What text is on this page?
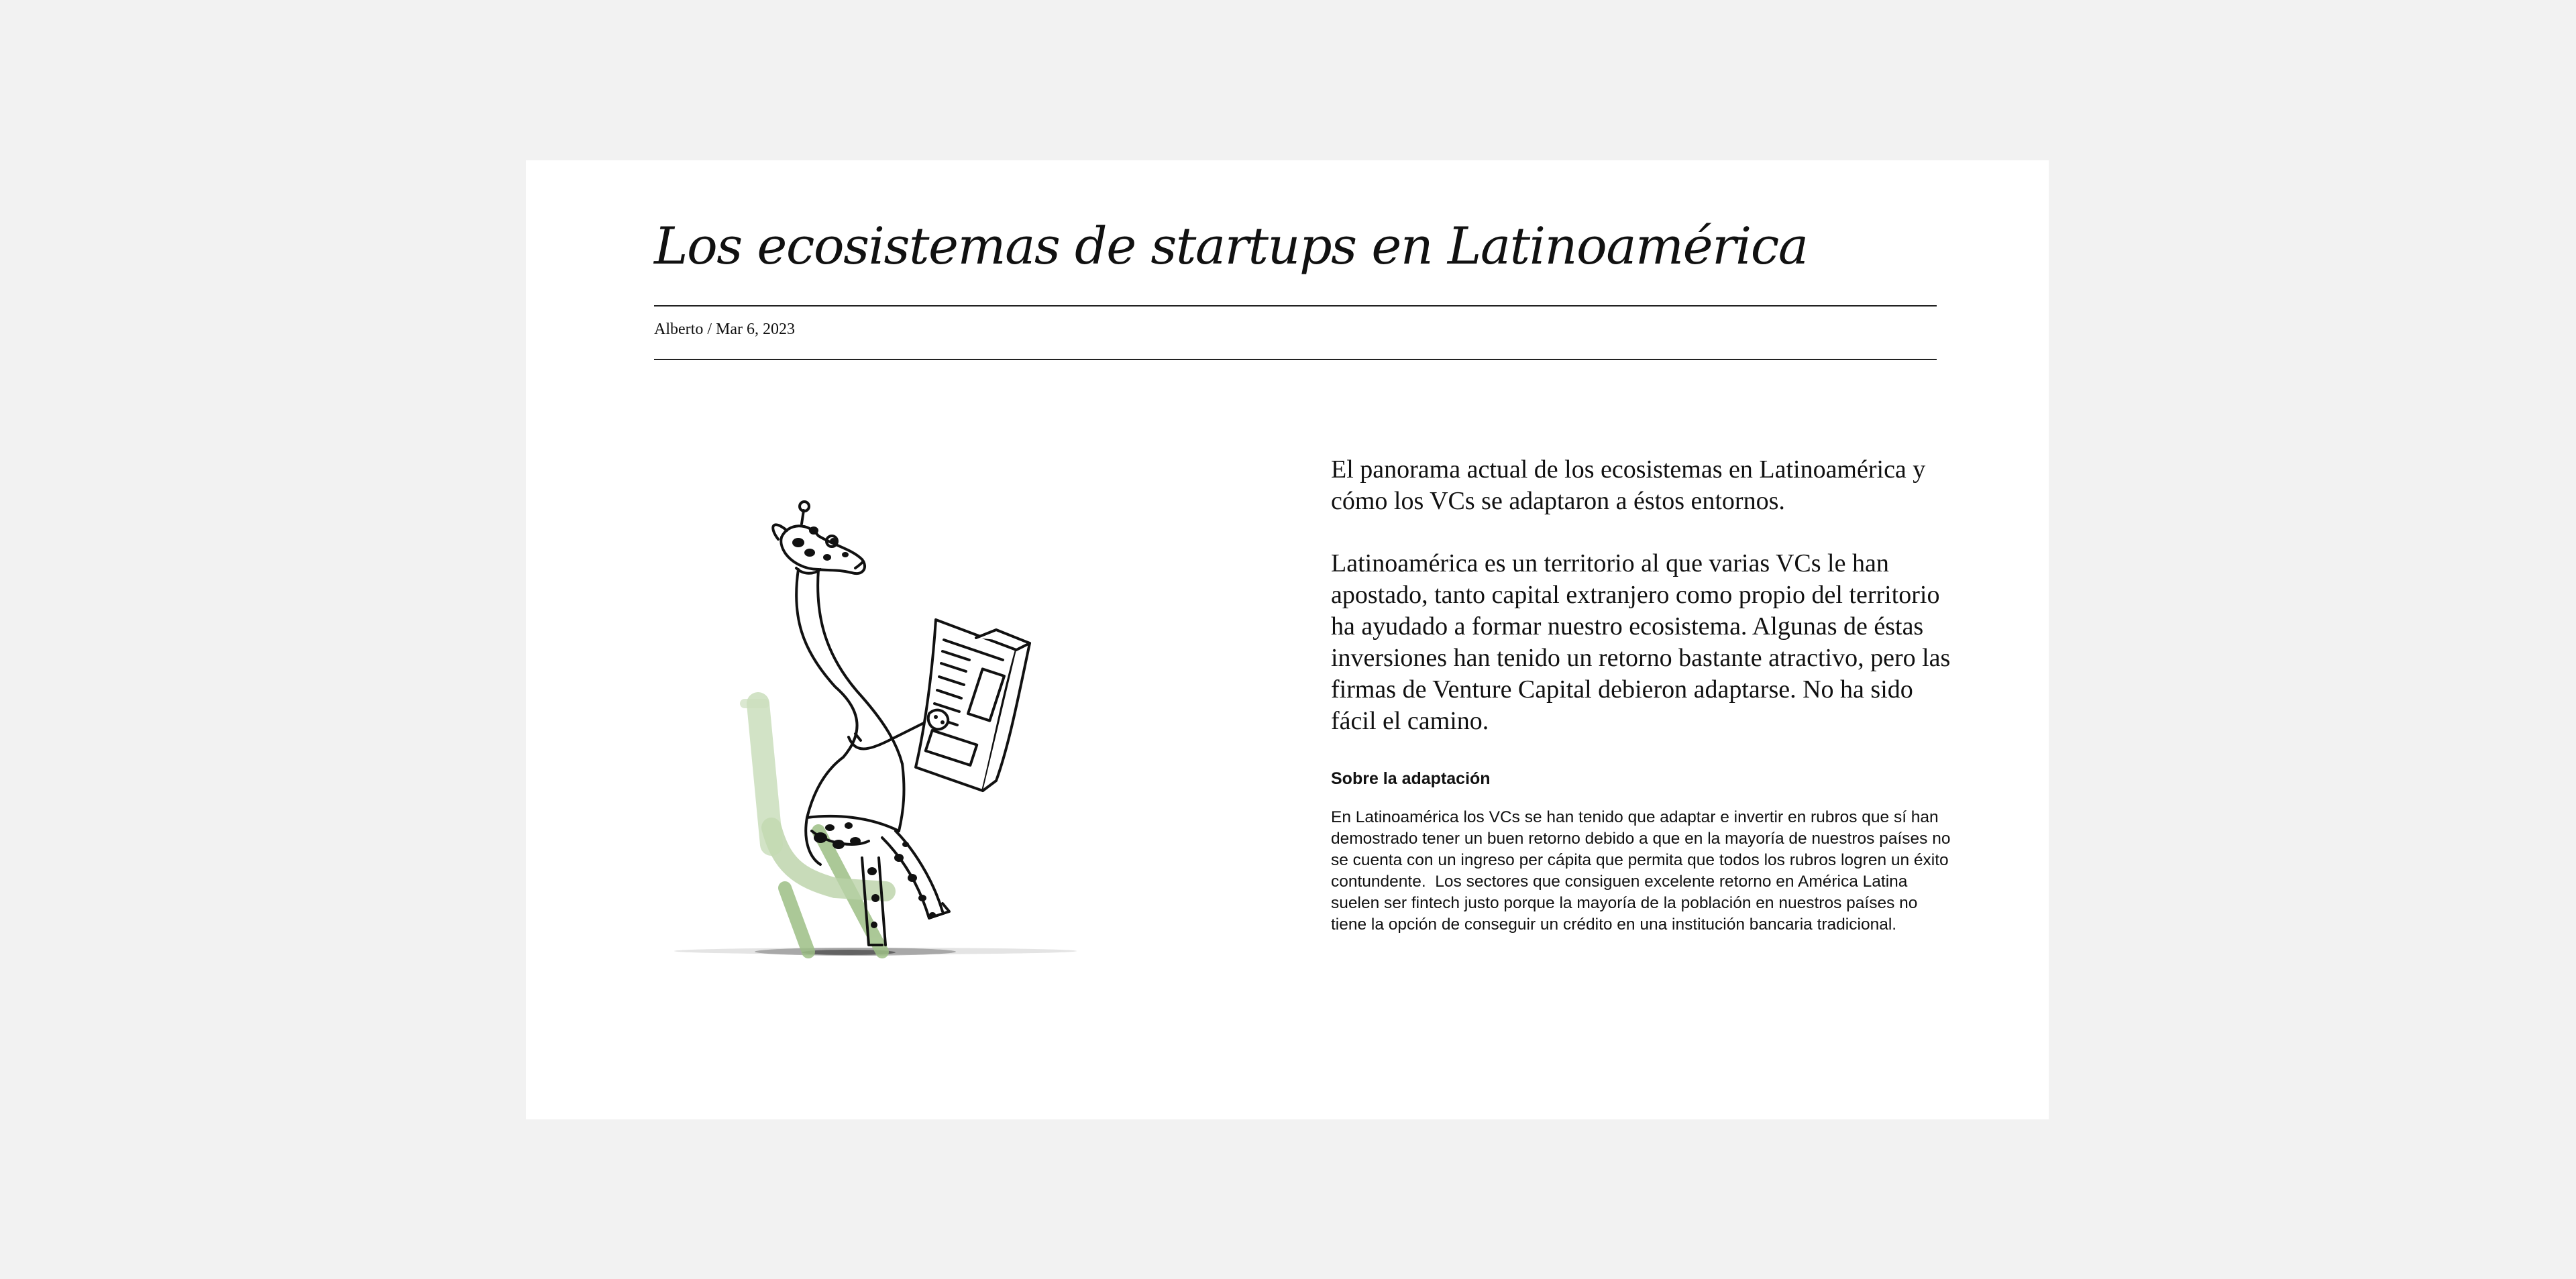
Los ecosistemas de startups en Latinoamérica
Alberto / Mar 6, 2023

El panorama actual de los ecosistemas en Latinoamérica y cómo los VCs se adaptaron a éstos entornos.

Latinoamérica es un territorio al que varias VCs le han apostado, tanto capital extranjero como propio del territorio ha ayudado a formar nuestro ecosistema. Algunas de éstas inversiones han tenido un retorno bastante atractivo, pero las firmas de Venture Capital debieron adaptarse. No ha sido fácil el camino.

Sobre la adaptación

En Latinoamérica los VCs se han tenido que adaptar e invertir en rubros que sí han demostrado tener un buen retorno debido a que en la mayoría de nuestros países no se cuenta con un ingreso per cápita que permita que todos los rubros logren un éxito contundente.  Los sectores que consiguen excelente retorno en América Latina suelen ser fintech justo porque la mayoría de la población en nuestros países no tiene la opción de conseguir un crédito en una institución bancaria tradicional.
